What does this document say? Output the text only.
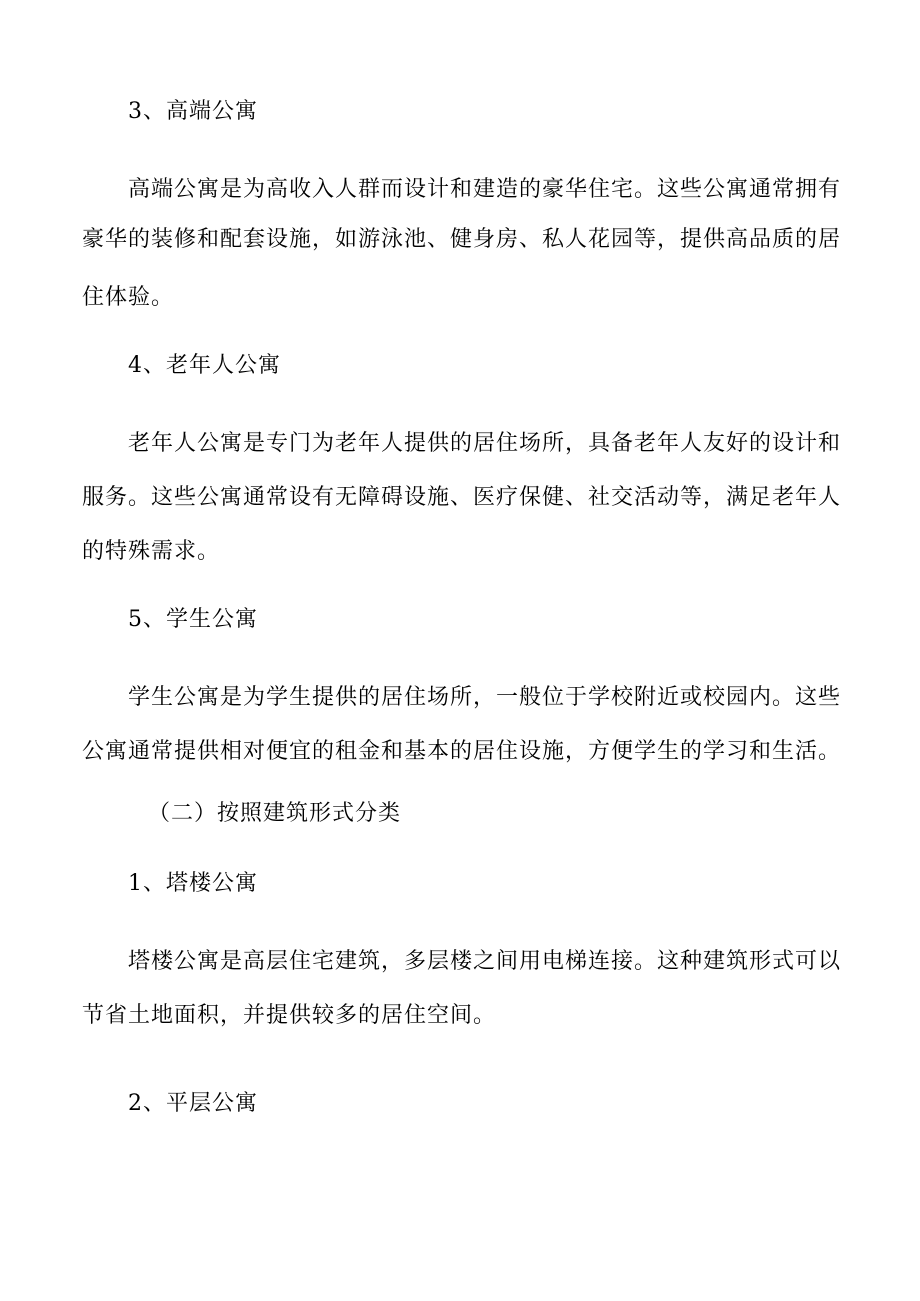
3、高端公寓
高端公寓是为高收入人群而设计和建造的豪华住宅。这些公寓通常拥有
豪华的装修和配套设施，如游泳池、健身房、私人花园等，提供高品质的居
住体验。
4、老年人公寓
老年人公寓是专门为老年人提供的居住场所，具备老年人友好的设计和
服务。这些公寓通常设有无障碍设施、医疗保健、社交活动等，满足老年人
的特殊需求。
5、学生公寓
学生公寓是为学生提供的居住场所，一般位于学校附近或校园内。这些
公寓通常提供相对便宜的租金和基本的居住设施，方便学生的学习和生活。
（二）按照建筑形式分类
1、塔楼公寓
塔楼公寓是高层住宅建筑，多层楼之间用电梯连接。这种建筑形式可以
节省土地面积，并提供较多的居住空间。
2、平层公寓
